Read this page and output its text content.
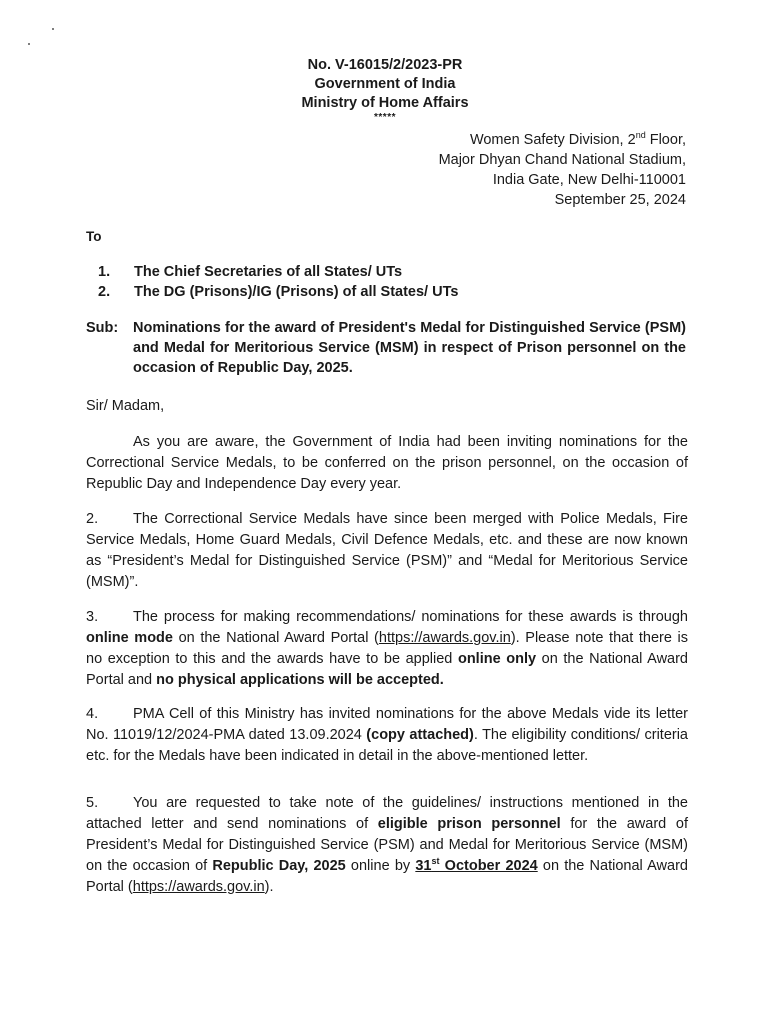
No. V-16015/2/2023-PR
Government of India
Ministry of Home Affairs
*****
Women Safety Division, 2nd Floor,
Major Dhyan Chand National Stadium,
India Gate, New Delhi-110001
September 25, 2024
To
1. The Chief Secretaries of all States/ UTs
2. The DG (Prisons)/IG (Prisons) of all States/ UTs
Sub: Nominations for the award of President's Medal for Distinguished Service (PSM) and Medal for Meritorious Service (MSM) in respect of Prison personnel on the occasion of Republic Day, 2025.
Sir/ Madam,
As you are aware, the Government of India had been inviting nominations for the Correctional Service Medals, to be conferred on the prison personnel, on the occasion of Republic Day and Independence Day every year.
2. The Correctional Service Medals have since been merged with Police Medals, Fire Service Medals, Home Guard Medals, Civil Defence Medals, etc. and these are now known as “President’s Medal for Distinguished Service (PSM)” and “Medal for Meritorious Service (MSM)”.
3. The process for making recommendations/ nominations for these awards is through online mode on the National Award Portal (https://awards.gov.in). Please note that there is no exception to this and the awards have to be applied online only on the National Award Portal and no physical applications will be accepted.
4. PMA Cell of this Ministry has invited nominations for the above Medals vide its letter No. 11019/12/2024-PMA dated 13.09.2024 (copy attached). The eligibility conditions/ criteria etc. for the Medals have been indicated in detail in the above-mentioned letter.
5. You are requested to take note of the guidelines/ instructions mentioned in the attached letter and send nominations of eligible prison personnel for the award of President’s Medal for Distinguished Service (PSM) and Medal for Meritorious Service (MSM) on the occasion of Republic Day, 2025 online by 31st October 2024 on the National Award Portal (https://awards.gov.in).
